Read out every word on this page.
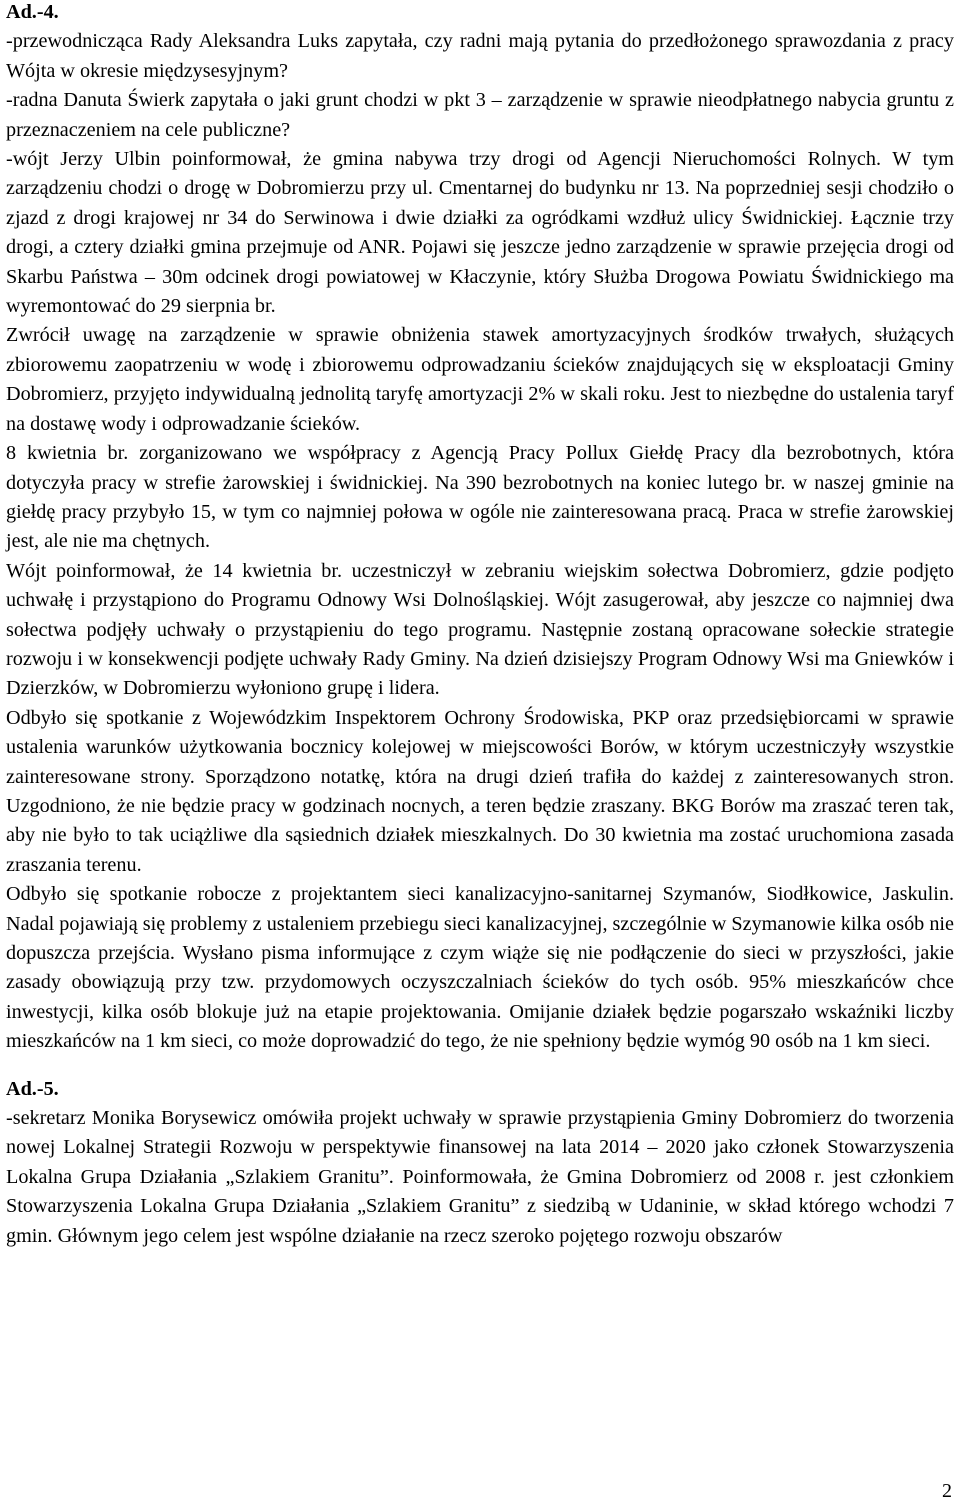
Ad.-4.

-przewodnicząca Rady Aleksandra Luks zapytała, czy radni mają pytania do przedłożonego sprawozdania z pracy Wójta w okresie międzysesyjnym?

-radna Danuta Świerk zapytała o jaki grunt chodzi w pkt 3 – zarządzenie w sprawie nieodpłatnego nabycia gruntu z przeznaczeniem na cele publiczne?

-wójt Jerzy Ulbin poinformował, że gmina nabywa trzy drogi od Agencji Nieruchomości Rolnych. W tym zarządzeniu chodzi o drogę w Dobromierzu przy ul. Cmentarnej do budynku nr 13. Na poprzedniej sesji chodziło o zjazd z drogi krajowej nr 34 do Serwinowa i dwie działki za ogródkami wzdłuż ulicy Świdnickiej. Łącznie trzy drogi, a cztery działki gmina przejmuje od ANR. Pojawi się jeszcze jedno zarządzenie w sprawie przejęcia drogi od Skarbu Państwa – 30m odcinek drogi powiatowej w Kłaczynie, który Służba Drogowa Powiatu Świdnickiego ma wyremontować do 29 sierpnia br.

Zwrócił uwagę na zarządzenie w sprawie obniżenia stawek amortyzacyjnych środków trwałych, służących zbiorowemu zaopatrzeniu w wodę i zbiorowemu odprowadzaniu ścieków znajdujących się w eksploatacji Gminy Dobromierz, przyjęto indywidualną jednolitą taryfę amortyzacji 2% w skali roku. Jest to niezbędne do ustalenia taryf na dostawę wody i odprowadzanie ścieków.

8 kwietnia br. zorganizowano we współpracy z Agencją Pracy Pollux Giełdę Pracy dla bezrobotnych, która dotyczyła pracy w strefie żarowskiej i świdnickiej. Na 390 bezrobotnych na koniec lutego br. w naszej gminie na giełdę pracy przybyło 15, w tym co najmniej połowa w ogóle nie zainteresowana pracą. Praca w strefie żarowskiej jest, ale nie ma chętnych.

Wójt poinformował, że 14 kwietnia br. uczestniczył w zebraniu wiejskim sołectwa Dobromierz, gdzie podjęto uchwałę i przystąpiono do Programu Odnowy Wsi Dolnośląskiej. Wójt zasugerował, aby jeszcze co najmniej dwa sołectwa podjęły uchwały o przystąpieniu do tego programu. Następnie zostaną opracowane sołeckie strategie rozwoju i w konsekwencji podjęte uchwały Rady Gminy. Na dzień dzisiejszy Program Odnowy Wsi ma Gniewków i Dzierzków, w Dobromierzu wyłoniono grupę i lidera.

Odbyło się spotkanie z Wojewódzkim Inspektorem Ochrony Środowiska, PKP oraz przedsiębiorcami w sprawie ustalenia warunków użytkowania bocznicy kolejowej w miejscowości Borów, w którym uczestniczyły wszystkie zainteresowane strony. Sporządzono notatkę, która na drugi dzień trafiła do każdej z zainteresowanych stron. Uzgodniono, że nie będzie pracy w godzinach nocnych, a teren będzie zraszany. BKG Borów ma zraszać teren tak, aby nie było to tak uciążliwe dla sąsiednich działek mieszkalnych. Do 30 kwietnia ma zostać uruchomiona zasada zraszania terenu.

Odbyło się spotkanie robocze z projektantem sieci kanalizacyjno-sanitarnej Szymanów, Siodłkowice, Jaskulin. Nadal pojawiają się problemy z ustaleniem przebiegu sieci kanalizacyjnej, szczególnie w Szymanowie kilka osób nie dopuszcza przejścia. Wysłano pisma informujące z czym wiąże się nie podłączenie do sieci w przyszłości, jakie zasady obowiązują przy tzw. przydomowych oczyszczalniach ścieków do tych osób. 95% mieszkańców chce inwestycji, kilka osób blokuje już na etapie projektowania. Omijanie działek będzie pogarszało wskaźniki liczby mieszkańców na 1 km sieci, co może doprowadzić do tego, że nie spełniony będzie wymóg 90 osób na 1 km sieci.

Ad.-5.

-sekretarz Monika Borysewicz omówiła projekt uchwały w sprawie przystąpienia Gminy Dobromierz do tworzenia nowej Lokalnej Strategii Rozwoju w perspektywie finansowej na lata 2014 – 2020 jako członek Stowarzyszenia Lokalna Grupa Działania „Szlakiem Granitu”. Poinformowała, że Gmina Dobromierz od 2008 r. jest członkiem Stowarzyszenia Lokalna Grupa Działania „Szlakiem Granitu” z siedzibą w Udaninie, w skład którego wchodzi 7 gmin. Głównym jego celem jest wspólne działanie na rzecz szeroko pojętego rozwoju obszarów

2
